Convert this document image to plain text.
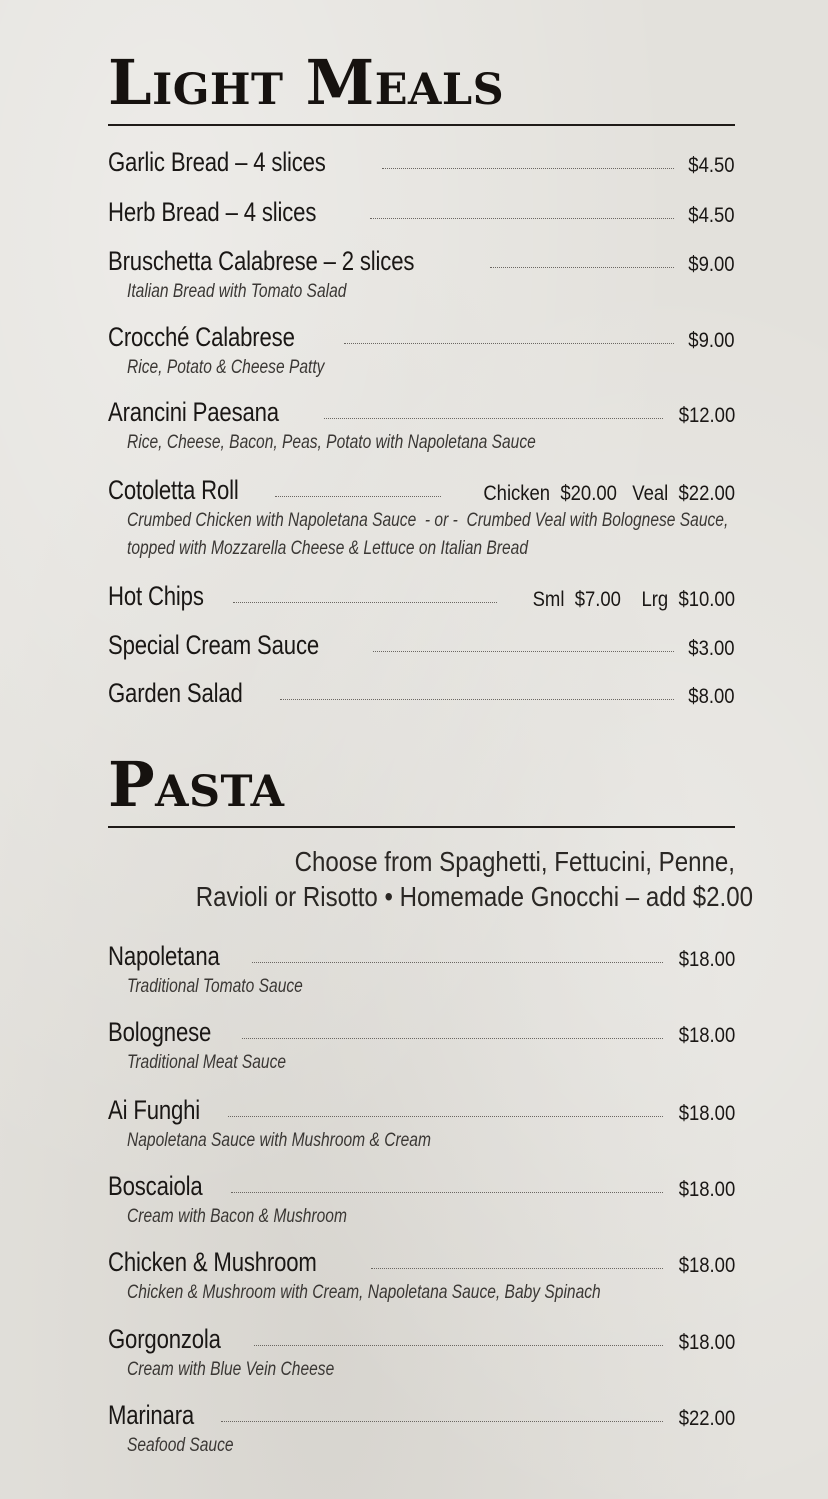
Light Meals
Garlic Bread – 4 slices	$4.50
Herb Bread – 4 slices	$4.50
Bruschetta Calabrese – 2 slices	$9.00
Italian Bread with Tomato Salad
Crocché Calabrese	$9.00
Rice, Potato & Cheese Patty
Arancini Paesana	$12.00
Rice, Cheese, Bacon, Peas, Potato with Napoletana Sauce
Cotoletta Roll	Chicken  $20.00   Veal  $22.00
Crumbed Chicken with Napoletana Sauce  - or -  Crumbed Veal with Bolognese Sauce,
topped with Mozzarella Cheese & Lettuce on Italian Bread
Hot Chips	Sml  $7.00    Lrg  $10.00
Special Cream Sauce	$3.00
Garden Salad	$8.00
Pasta
Choose from Spaghetti, Fettucini, Penne,
Ravioli or Risotto • Homemade Gnocchi – add $2.00
Napoletana	$18.00
Traditional Tomato Sauce
Bolognese	$18.00
Traditional Meat Sauce
Ai Funghi	$18.00
Napoletana Sauce with Mushroom & Cream
Boscaiola	$18.00
Cream with Bacon & Mushroom
Chicken & Mushroom	$18.00
Chicken & Mushroom with Cream, Napoletana Sauce, Baby Spinach
Gorgonzola	$18.00
Cream with Blue Vein Cheese
Marinara	$22.00
Seafood Sauce
